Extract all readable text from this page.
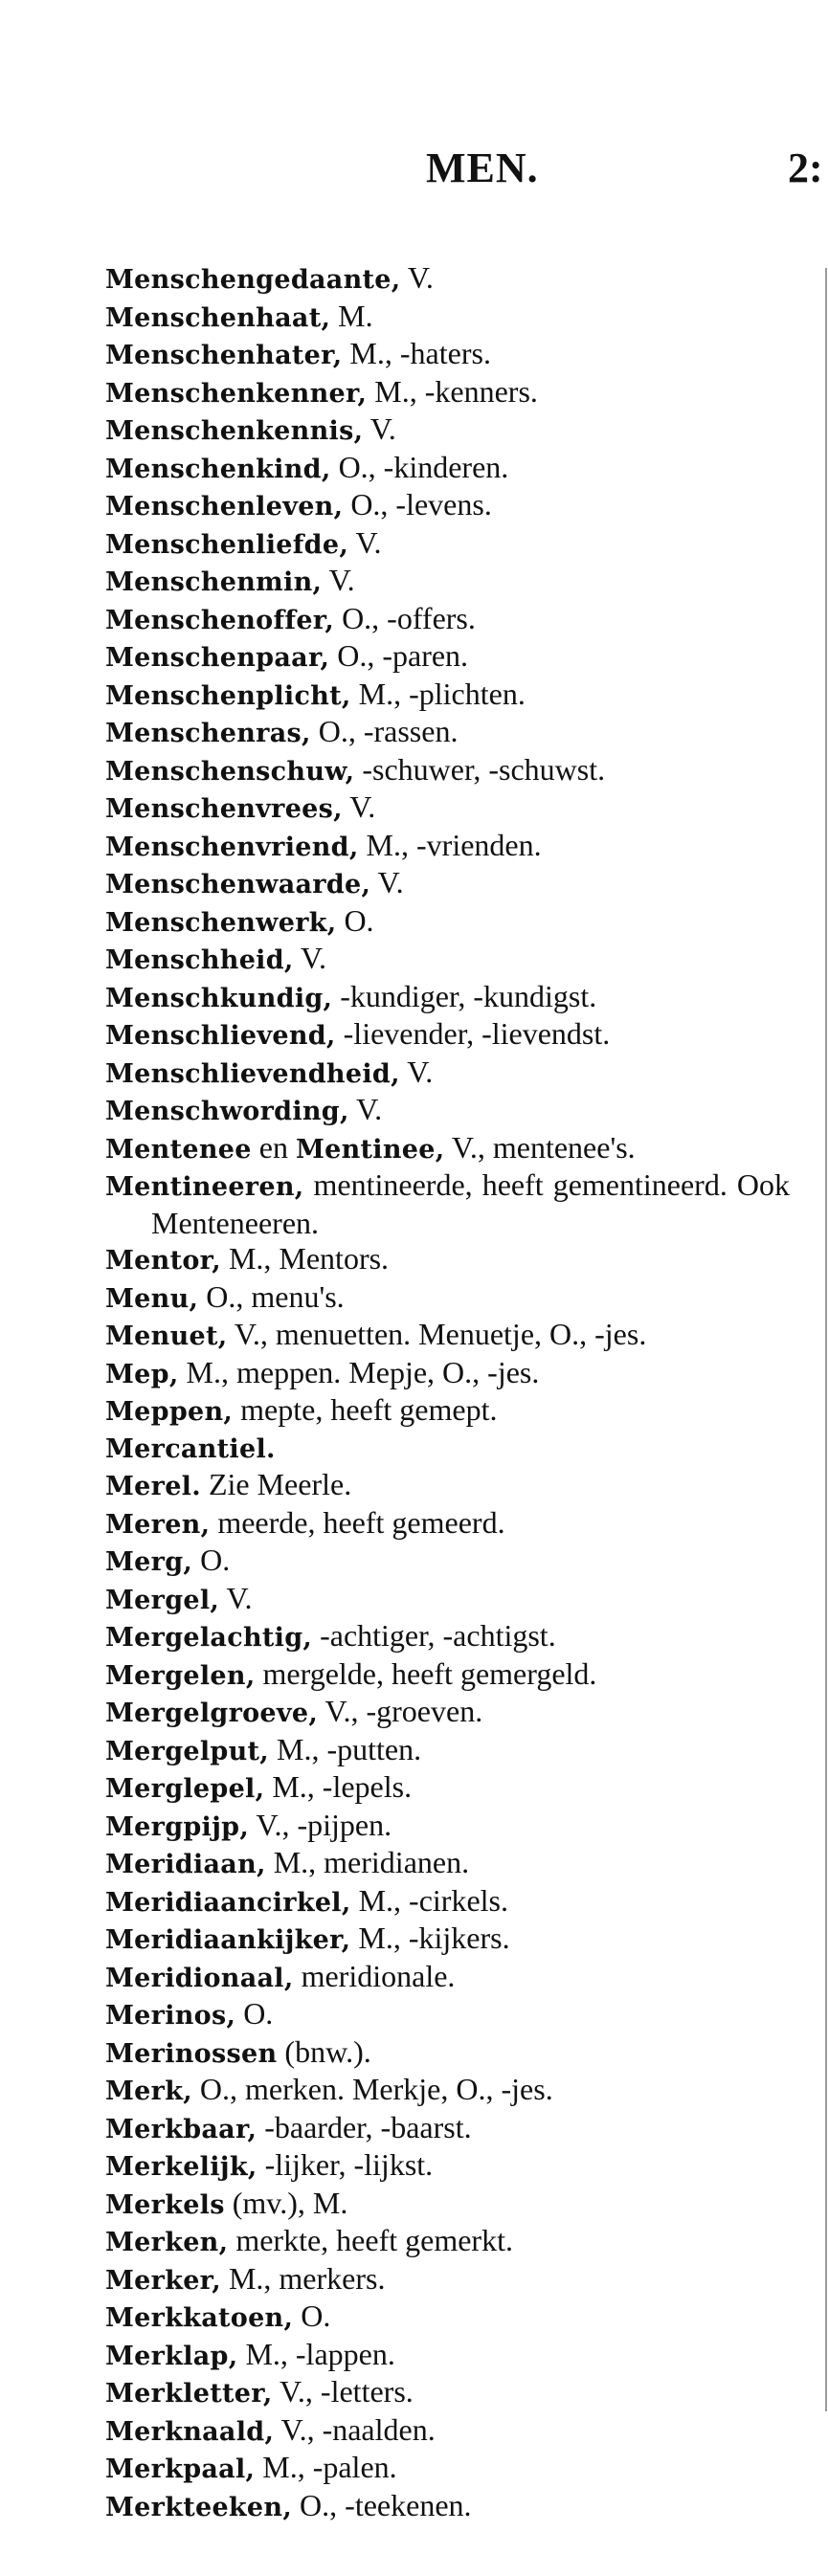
MEN.	2:
Menschengedaante, V.
Menschenhaat, M.
Menschenhater, M., -haters.
Menschenkenner, M., -kenners.
Menschenkennis, V.
Menschenkind, O., -kinderen.
Menschenleven, O., -levens.
Menschenliefde, V.
Menschenmin, V.
Menschenoffer, O., -offers.
Menschenpaar, O., -paren.
Menschenplicht, M., -plichten.
Menschenras, O., -rassen.
Menschenschuw, -schuwer, -schuwst.
Menschenvrees, V.
Menschenvriend, M., -vrienden.
Menschenwaarde, V.
Menschenwerk, O.
Menschheid, V.
Menschkundig, -kundiger, -kundigst.
Menschlievend, -lievender, -lievendst.
Menschlievendheid, V.
Menschwording, V.
Mentenee en Mentinee, V., mentenee's.
Mentineeren, mentineerde, heeft gementineerd. Ook Menteneeren.
Mentor, M., Mentors.
Menu, O., menu's.
Menuet, V., menuetten. Menuetje, O., -jes.
Mep, M., meppen. Mepje, O., -jes.
Meppen, mepte, heeft gemept.
Mercantiel.
Merel. Zie Meerle.
Meren, meerde, heeft gemeerd.
Merg, O.
Mergel, V.
Mergelachtig, -achtiger, -achtigst.
Mergelen, mergelde, heeft gemergeld.
Mergelgroeve, V., -groeven.
Mergelput, M., -putten.
Merglepel, M., -lepels.
Mergpijp, V., -pijpen.
Meridiaan, M., meridianen.
Meridiaancirkel, M., -cirkels.
Meridiaankijker, M., -kijkers.
Meridionaal, meridionale.
Merinos, O.
Merinossen (bnw.).
Merk, O., merken. Merkje, O., -jes.
Merkbaar, -baarder, -baarst.
Merkelijk, -lijker, -lijkst.
Merkels (mv.), M.
Merken, merkte, heeft gemerkt.
Merker, M., merkers.
Merkkatoen, O.
Merklap, M., -lappen.
Merkletter, V., -letters.
Merknaald, V., -naalden.
Merkpaal, M., -palen.
Merkteeken, O., -teekenen.
